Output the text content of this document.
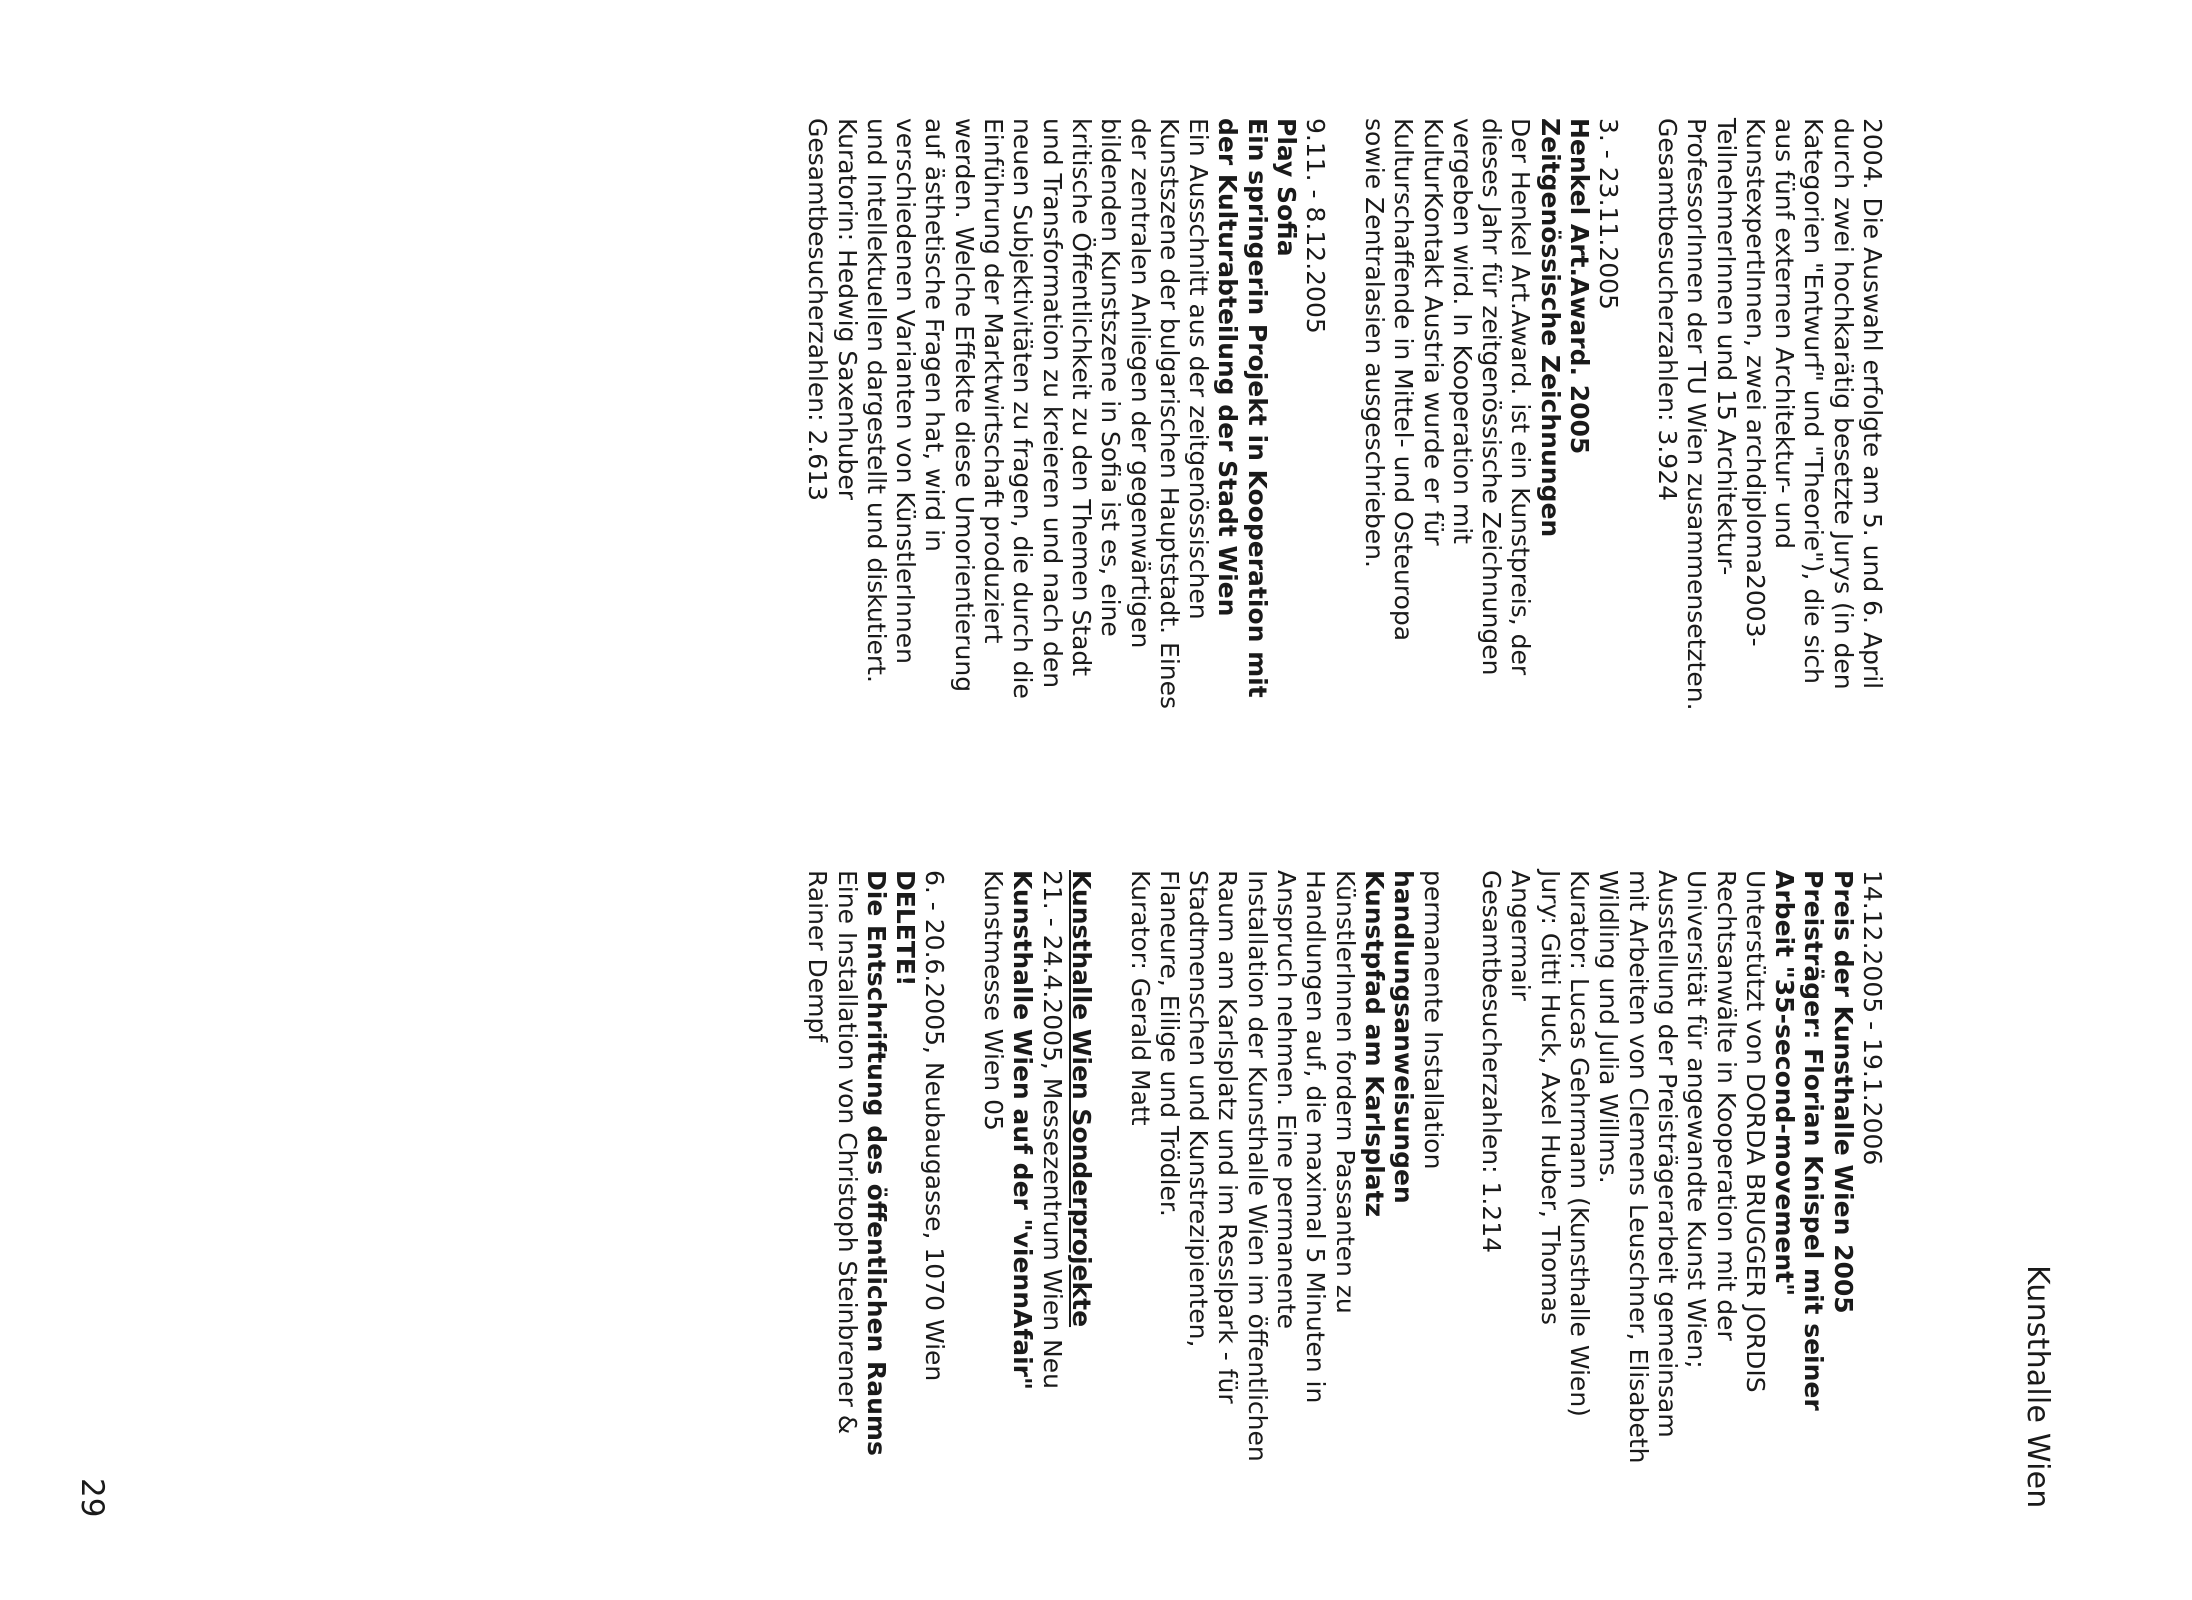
Kunsthalle Wien
2004. Die Auswahl erfolgte am 5. und 6. April
durch zwei hochkarätig besetzte Jurys (in den
Kategorien "Entwurf" und "Theorie"), die sich
aus fünf externen Architektur- und
KunstexpertInnen, zwei archdiploma2003-
TeilnehmerInnen und 15 Architektur-
ProfessorInnen der TU Wien zusammensetzten.
Gesamtbesucherzahlen: 3.924
3. - 23.11.2005
Henkel Art.Award. 2005
Zeitgenössische Zeichnungen
Der Henkel Art.Award. ist ein Kunstpreis, der
dieses Jahr für zeitgenössische Zeichnungen
vergeben wird. In Kooperation mit
KulturKontakt Austria wurde er für
Kulturschaffende in Mittel- und Osteuropa
sowie Zentralasien ausgeschrieben.
9.11. - 8.12.2005
Play Sofia
Ein springerin Projekt in Kooperation mit
der Kulturabteilung der Stadt Wien
Ein Ausschnitt aus der zeitgenössischen
Kunstszene der bulgarischen Hauptstadt. Eines
der zentralen Anliegen der gegenwärtigen
bildenden Kunstszene in Sofia ist es, eine
kritische Öffentlichkeit zu den Themen Stadt
und Transformation zu kreieren und nach den
neuen Subjektivitäten zu fragen, die durch die
Einführung der Marktwirtschaft produziert
werden. Welche Effekte diese Umorientierung
auf ästhetische Fragen hat, wird in
verschiedenen Varianten von KünstlerInnen
und Intellektuellen dargestellt und diskutiert.
Kuratorin: Hedwig Saxenhuber
Gesamtbesucherzahlen: 2.613
14.12.2005 - 19.1.2006
Preis der Kunsthalle Wien 2005
Preisträger: Florian Knispel mit seiner
Arbeit "35-second-movement"
Unterstützt von DORDA BRUGGER JORDIS
Rechtsanwälte in Kooperation mit der
Universität für angewandte Kunst Wien;
Ausstellung der Preisträgerarbeit gemeinsam
mit Arbeiten von Clemens Leuschner, Elisabeth
Wildling und Julia Willms.
Kurator: Lucas Gehrmann (Kunsthalle Wien)
Jury: Gitti Huck, Axel Huber, Thomas
Angermair
Gesamtbesucherzahlen: 1.214
permanente Installation
handlungsanweisungen
Kunstpfad am Karlsplatz
KünstlerInnen fordern Passanten zu
Handlungen auf, die maximal 5 Minuten in
Anspruch nehmen. Eine permanente
Installation der Kunsthalle Wien im öffentlichen
Raum am Karlsplatz und im Resslpark - für
Stadtmenschen und Kunstrezipienten,
Flaneure, Eilige und Trödler.
Kurator: Gerald Matt
Kunsthalle Wien Sonderprojekte
21. - 24.4.2005, Messezentrum Wien Neu
Kunsthalle Wien auf der "viennAfair"
Kunstmesse Wien 05
6. - 20.6.2005, Neubaugasse, 1070 Wien
DELETE!
Die Entschriftung des öffentlichen Raums
Eine Installation von Christoph Steinbrener &
Rainer Dempf
29
